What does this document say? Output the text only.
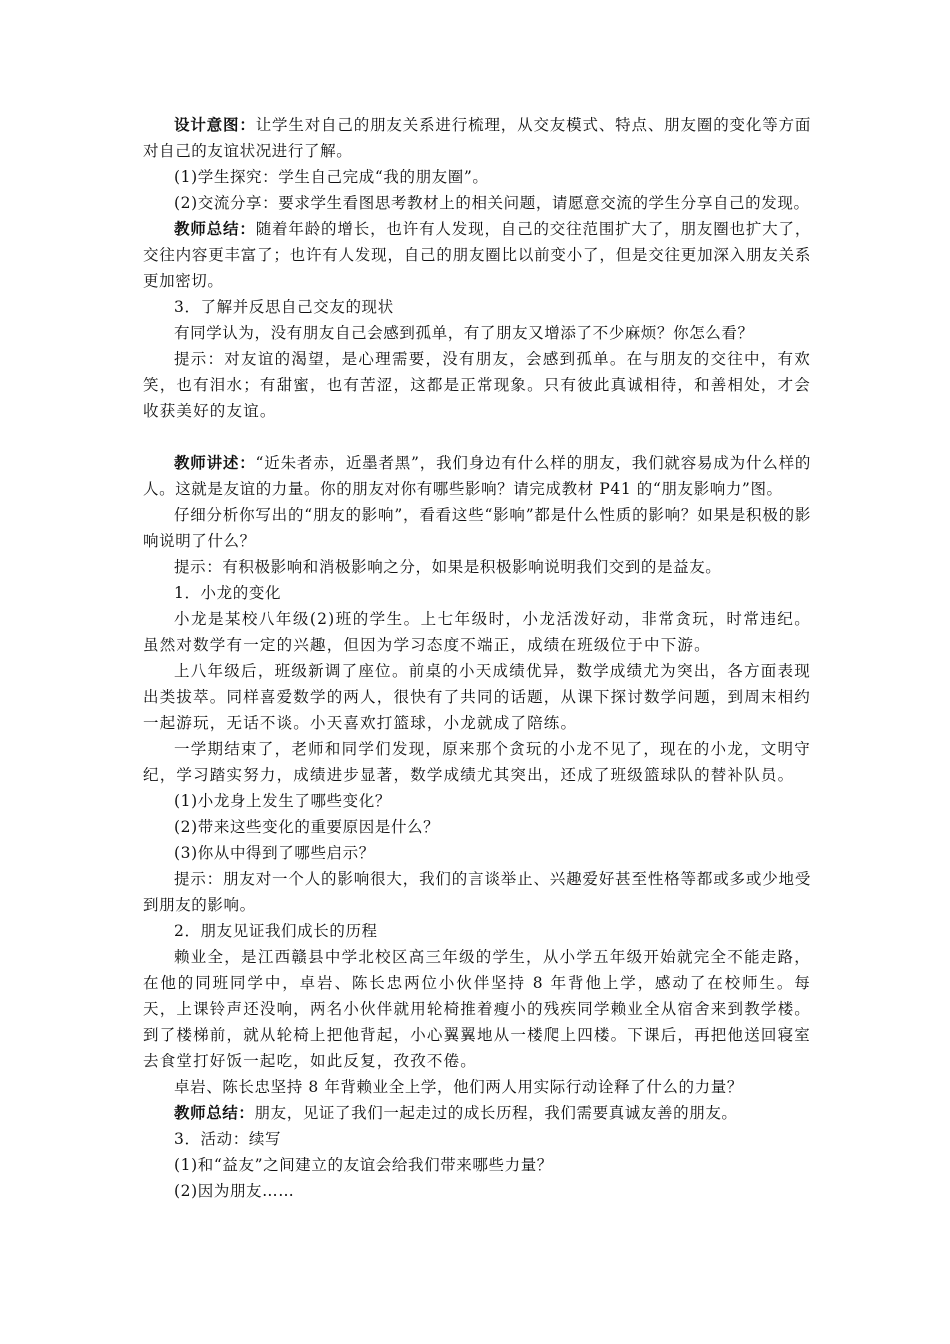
设计意图：让学生对自己的朋友关系进行梳理，从交友模式、特点、朋友圈的变化等方面对自己的友谊状况进行了解。

(1)学生探究：学生自己完成“我的朋友圈”。

(2)交流分享：要求学生看图思考教材上的相关问题，请愿意交流的学生分享自己的发现。

教师总结：随着年龄的增长，也许有人发现，自己的交往范围扩大了，朋友圈也扩大了，交往内容更丰富了；也许有人发现，自己的朋友圈比以前变小了，但是交往更加深入朋友关系更加密切。

3．了解并反思自己交友的现状

有同学认为，没有朋友自己会感到孤单，有了朋友又增添了不少麻烦？你怎么看？

提示：对友谊的渴望，是心理需要，没有朋友，会感到孤单。在与朋友的交往中，有欢笑，也有泪水；有甜蜜，也有苦涩，这都是正常现象。只有彼此真诚相待，和善相处，才会收获美好的友谊。

教师讲述：“近朱者赤，近墨者黑”，我们身边有什么样的朋友，我们就容易成为什么样的人。这就是友谊的力量。你的朋友对你有哪些影响？请完成教材 P41 的“朋友影响力”图。

仔细分析你写出的“朋友的影响”，看看这些“影响”都是什么性质的影响？如果是积极的影响说明了什么？

提示：有积极影响和消极影响之分，如果是积极影响说明我们交到的是益友。

1．小龙的变化

小龙是某校八年级(2)班的学生。上七年级时，小龙活泼好动，非常贪玩，时常违纪。虽然对数学有一定的兴趣，但因为学习态度不端正，成绩在班级位于中下游。

上八年级后，班级新调了座位。前桌的小天成绩优异，数学成绩尤为突出，各方面表现出类拔萃。同样喜爱数学的两人，很快有了共同的话题，从课下探讨数学问题，到周末相约一起游玩，无话不谈。小天喜欢打篮球，小龙就成了陪练。

一学期结束了，老师和同学们发现，原来那个贪玩的小龙不见了，现在的小龙，文明守纪，学习踏实努力，成绩进步显著，数学成绩尤其突出，还成了班级篮球队的替补队员。

(1)小龙身上发生了哪些变化？

(2)带来这些变化的重要原因是什么？

(3)你从中得到了哪些启示？

提示：朋友对一个人的影响很大，我们的言谈举止、兴趣爱好甚至性格等都或多或少地受到朋友的影响。

2．朋友见证我们成长的历程

赖业全，是江西赣县中学北校区高三年级的学生，从小学五年级开始就完全不能走路，在他的同班同学中，卓岩、陈长忠两位小伙伴坚持 8 年背他上学，感动了在校师生。每天，上课铃声还没响，两名小伙伴就用轮椅推着瘦小的残疾同学赖业全从宿舍来到教学楼。到了楼梯前，就从轮椅上把他背起，小心翼翼地从一楼爬上四楼。下课后，再把他送回寝室去食堂打好饭一起吃，如此反复，孜孜不倦。

卓岩、陈长忠坚持 8 年背赖业全上学，他们两人用实际行动诠释了什么的力量？

教师总结：朋友，见证了我们一起走过的成长历程，我们需要真诚友善的朋友。

3．活动：续写

(1)和“益友”之间建立的友谊会给我们带来哪些力量？

(2)因为朋友……
